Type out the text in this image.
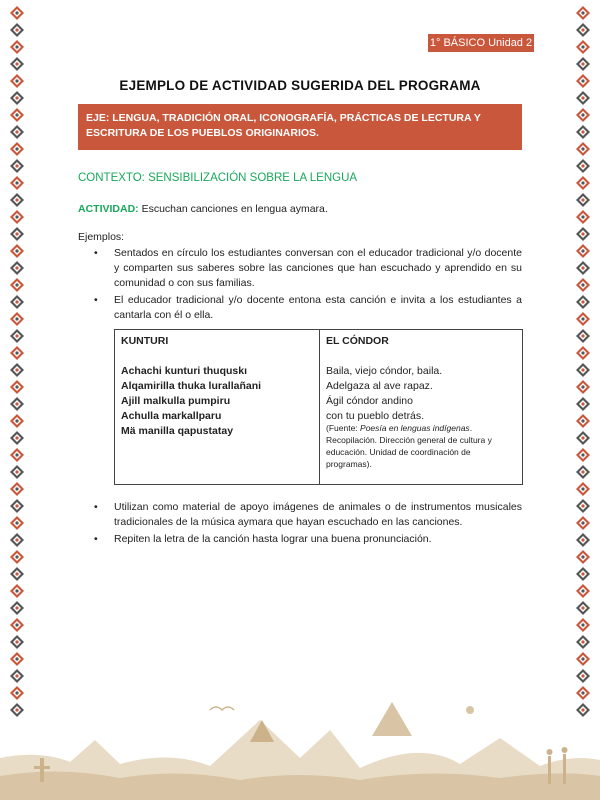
1° BÁSICO Unidad 2
EJEMPLO DE ACTIVIDAD SUGERIDA DEL PROGRAMA
EJE: LENGUA, TRADICIÓN ORAL, ICONOGRAFÍA, PRÁCTICAS DE LECTURA Y ESCRITURA DE LOS PUEBLOS ORIGINARIOS.
CONTEXTO: SENSIBILIZACIÓN SOBRE LA LENGUA
ACTIVIDAD: Escuchan canciones en lengua aymara.
Ejemplos:
• Sentados en círculo los estudiantes conversan con el educador tradicional y/o docente y comparten sus saberes sobre las canciones que han escuchado y aprendido en su comunidad o con sus familias.
• El educador tradicional y/o docente entona esta canción e invita a los estudiantes a cantarla con él o ella.
KUNTURI
Achachi kunturi thuquskı
Alqamirilla thuka lurallañani
Ajill malkulla pumpiru
Achulla markallparu
Mä manilla qapustatay
EL CÓNDOR
Baila, viejo cóndor, baila.
Adelgaza al ave rapaz.
Ágil cóndor andino
con tu pueblo detrás.
(Fuente: Poesía en lenguas indígenas. Recopilación. Dirección general de cultura y educación. Unidad de coordinación de programas).
• Utilizan como material de apoyo imágenes de animales o de instrumentos musicales tradicionales de la música aymara que hayan escuchado en las canciones.
• Repiten la letra de la canción hasta lograr una buena pronunciación.
